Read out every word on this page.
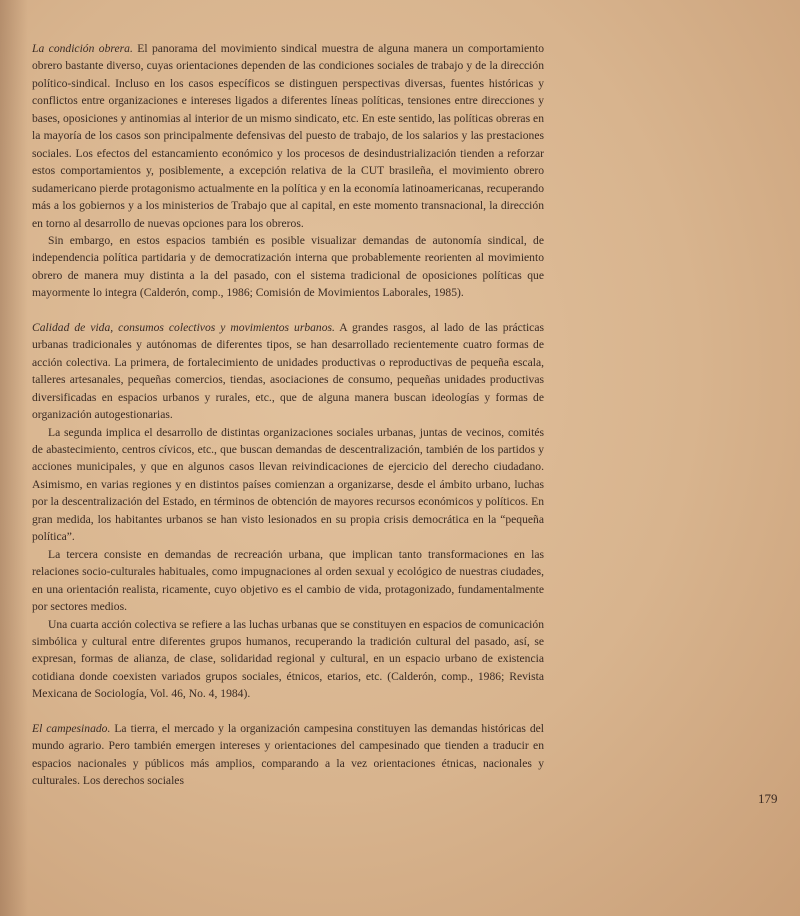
La condición obrera. El panorama del movimiento sindical muestra de alguna manera un comportamiento obrero bastante diverso, cuyas orientaciones dependen de las condiciones sociales de trabajo y de la dirección político-sindical. Incluso en los casos específicos se distinguen perspectivas diversas, fuentes históricas y conflictos entre organizaciones e intereses ligados a diferentes líneas políticas, tensiones entre direcciones y bases, oposiciones y antinomias al interior de un mismo sindicato, etc. En este sentido, las políticas obreras en la mayoría de los casos son principalmente defensivas del puesto de trabajo, de los salarios y las prestaciones sociales. Los efectos del estancamiento económico y los procesos de desindustrialización tienden a reforzar estos comportamientos y, posiblemente, a excepción relativa de la CUT brasileña, el movimiento obrero sudamericano pierde protagonismo actualmente en la política y en la economía latinoamericanas, recuperando más a los gobiernos y a los ministerios de Trabajo que al capital, en este momento transnacional, la dirección en torno al desarrollo de nuevas opciones para los obreros.

Sin embargo, en estos espacios también es posible visualizar demandas de autonomía sindical, de independencia política partidaria y de democratización interna que probablemente reorienten al movimiento obrero de manera muy distinta a la del pasado, con el sistema tradicional de oposiciones políticas que mayormente lo integra (Calderón, comp., 1986; Comisión de Movimientos Laborales, 1985).

Calidad de vida, consumos colectivos y movimientos urbanos. A grandes rasgos, al lado de las prácticas urbanas tradicionales y autónomas de diferentes tipos, se han desarrollado recientemente cuatro formas de acción colectiva. La primera, de fortalecimiento de unidades productivas o reproductivas de pequeña escala, talleres artesanales, pequeñas comercios, tiendas, asociaciones de consumo, pequeñas unidades productivas diversificadas en espacios urbanos y rurales, etc., que de alguna manera buscan ideologías y formas de organización autogestionarias.

La segunda implica el desarrollo de distintas organizaciones sociales urbanas, juntas de vecinos, comités de abastecimiento, centros cívicos, etc., que buscan demandas de descentralización, también de los partidos y acciones municipales, y que en algunos casos llevan reivindicaciones de ejercicio del derecho ciudadano. Asimismo, en varias regiones y en distintos países comienzan a organizarse, desde el ámbito urbano, luchas por la descentralización del Estado, en términos de obtención de mayores recursos económicos y políticos. En gran medida, los habitantes urbanos se han visto lesionados en su propia crisis democrática en la “pequeña política”.

La tercera consiste en demandas de recreación urbana, que implican tanto transformaciones en las relaciones socio-culturales habituales, como impugnaciones al orden sexual y ecológico de nuestras ciudades, en una orientación realista, ricamente, cuyo objetivo es el cambio de vida, protagonizado, fundamentalmente por sectores medios.

Una cuarta acción colectiva se refiere a las luchas urbanas que se constituyen en espacios de comunicación simbólica y cultural entre diferentes grupos humanos, recuperando la tradición cultural del pasado, así, se expresan, formas de alianza, de clase, solidaridad regional y cultural, en un espacio urbano de existencia cotidiana donde coexisten variados grupos sociales, étnicos, etarios, etc. (Calderón, comp., 1986; Revista Mexicana de Sociología, Vol. 46, No. 4, 1984).

El campesinado. La tierra, el mercado y la organización campesina constituyen las demandas históricas del mundo agrario. Pero también emergen intereses y orientaciones del campesinado que tienden a traducir en espacios nacionales y públicos más amplios, comparando a la vez orientaciones étnicas, nacionales y culturales. Los derechos sociales

179
